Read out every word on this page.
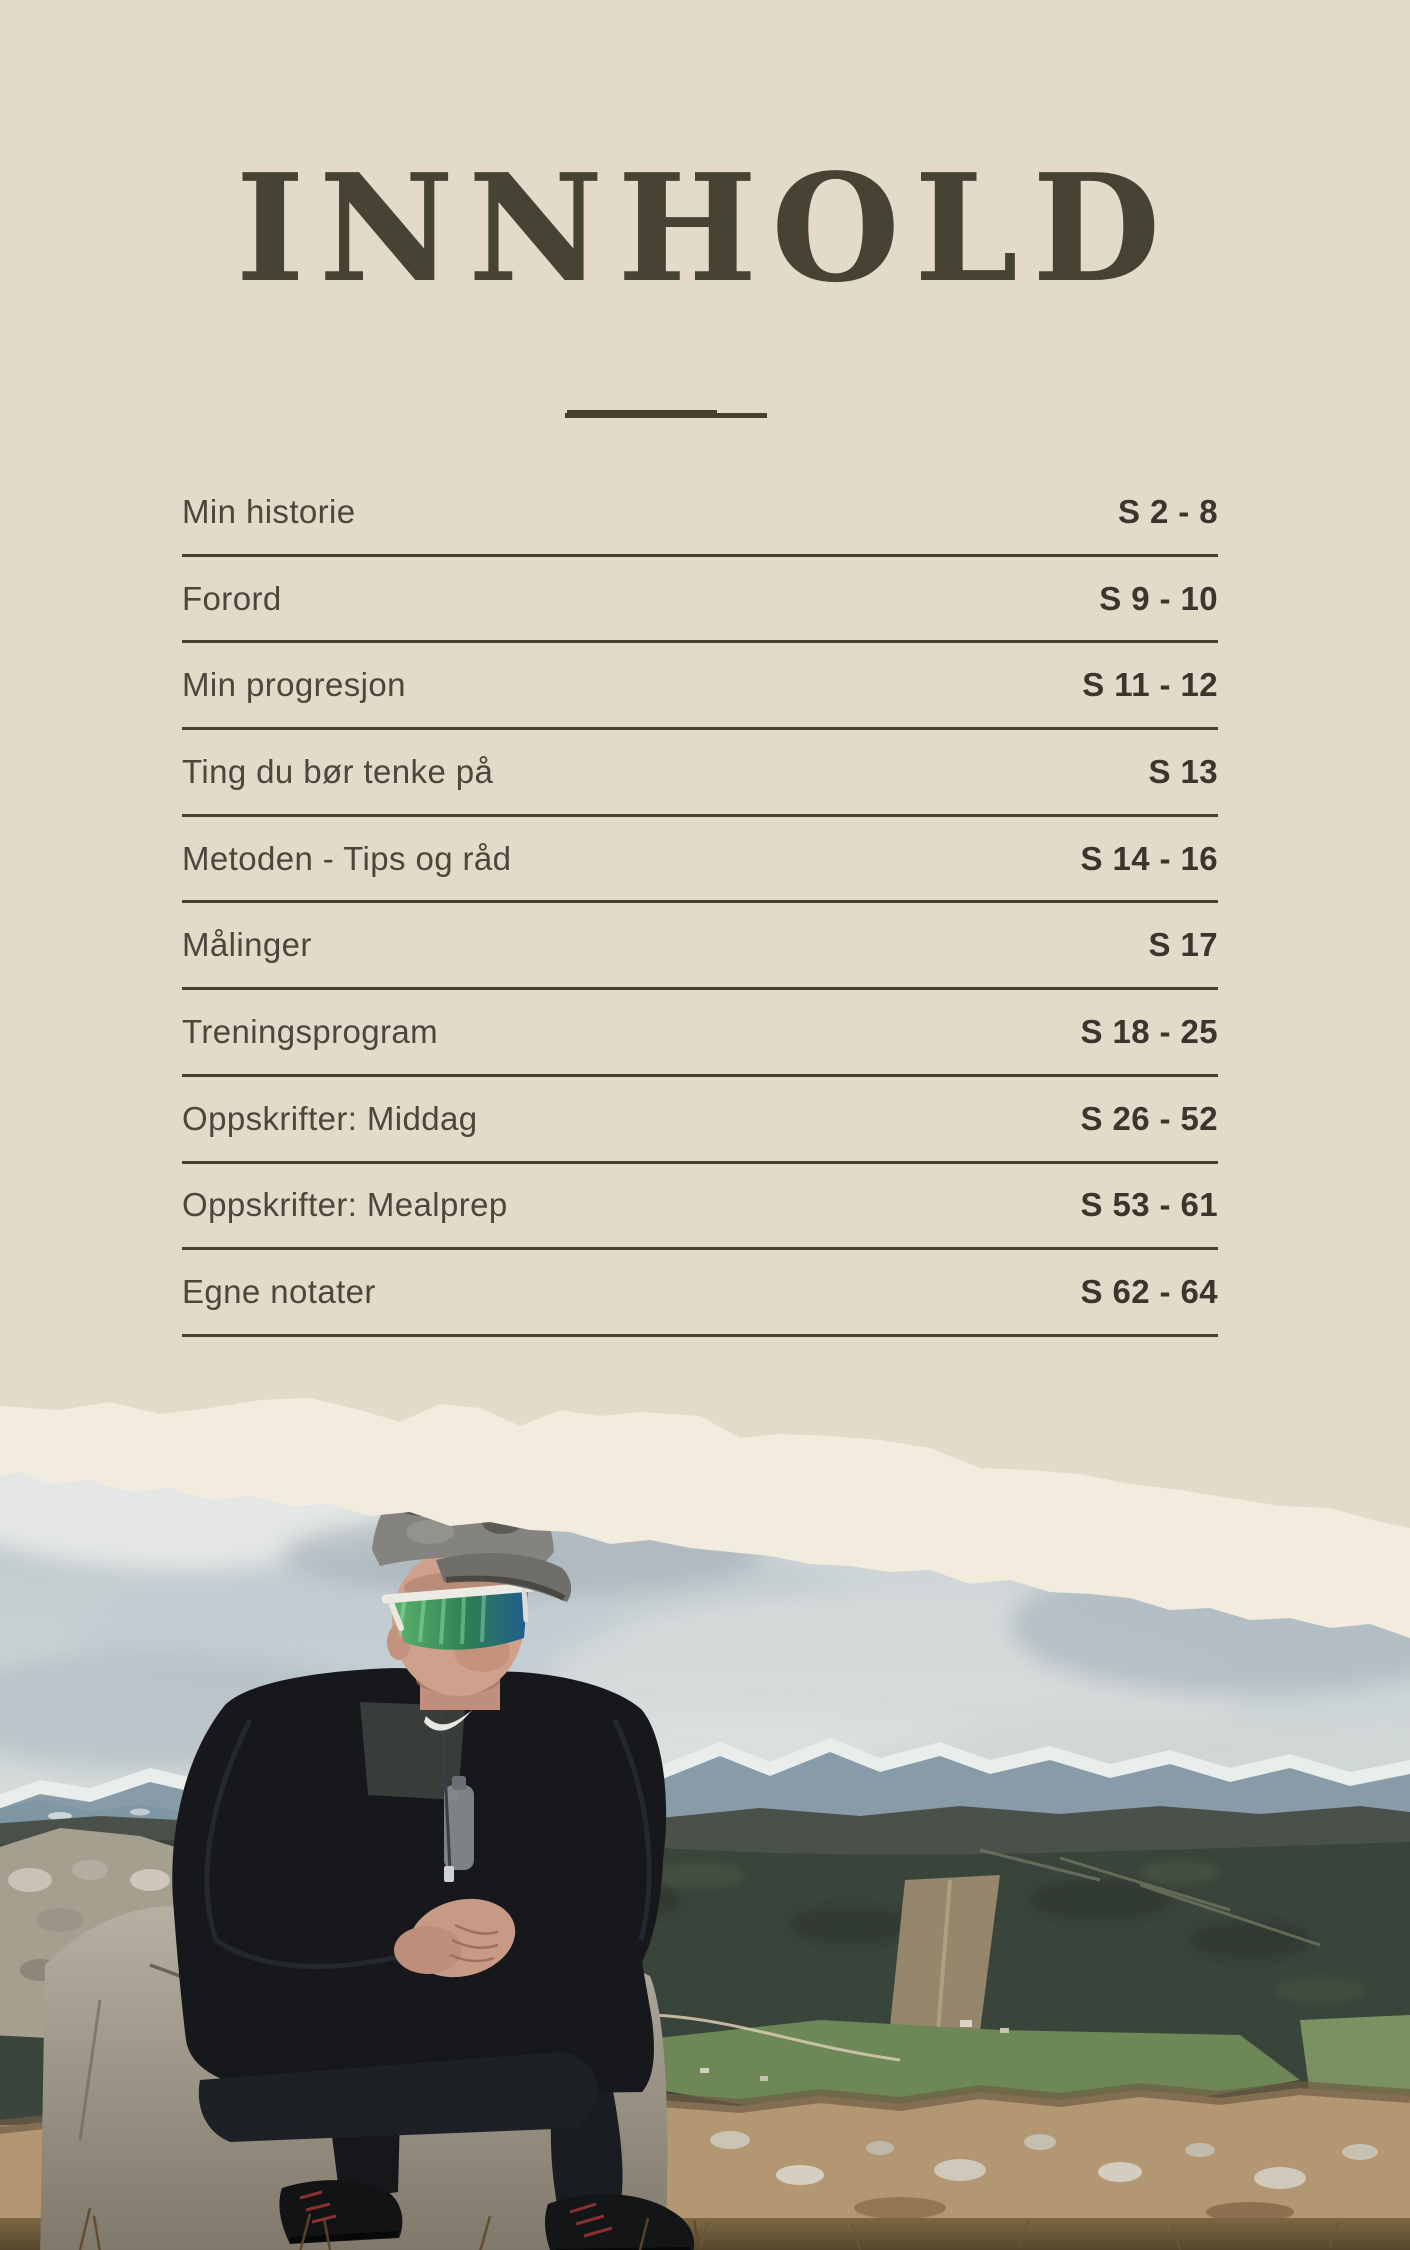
INNHOLD
Min historie	S 2 - 8
Forord	S 9 - 10
Min progresjon	S 11 - 12
Ting du bør tenke på	S 13
Metoden - Tips og råd	S 14 - 16
Målinger	S 17
Treningsprogram	S 18 - 25
Oppskrifter: Middag	S 26 - 52
Oppskrifter: Mealprep	S 53 - 61
Egne notater	S 62 - 64
